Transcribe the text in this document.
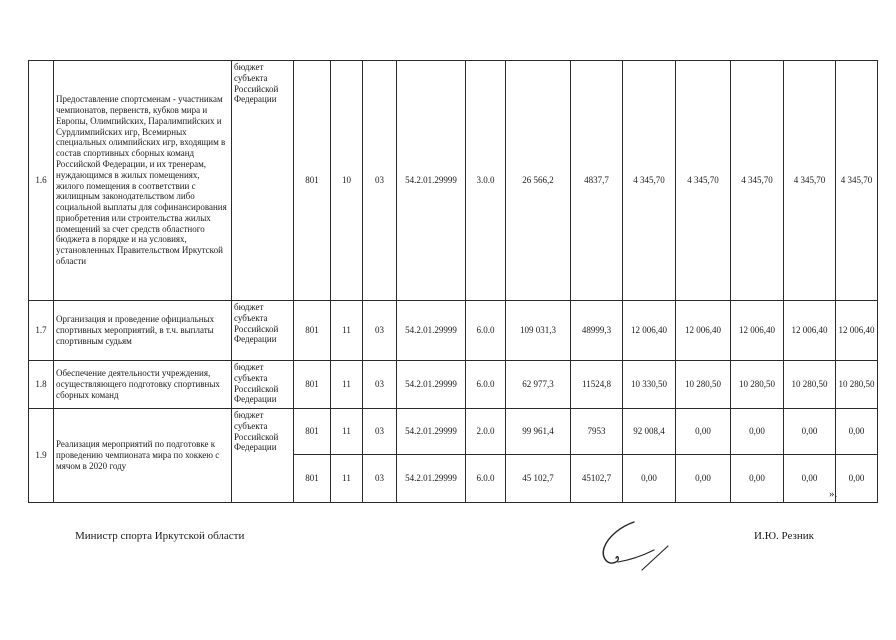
1.6	Предоставление спортсменам - участникам чемпионатов, первенств, кубков мира и Европы, Олимпийских, Паралимпийских и Сурдлимпийских игр, Всемирных специальных олимпийских игр, входящим в состав спортивных сборных команд Российской Федерации, и их тренерам, нуждающимся в жилых помещениях, жилого помещения в соответствии с жилищным законодательством либо социальной выплаты для софинансирования приобретения или строительства жилых помещений за счет средств областного бюджета в порядке и на условиях, установленных Правительством Иркутской области	бюджет субъекта Российской Федерации	801	10	03	54.2.01.29999	3.0.0	26 566,2	4837,7	4 345,70	4 345,70	4 345,70	4 345,70	4 345,70
1.7	Организация и проведение официальных спортивных мероприятий, в т.ч. выплаты спортивным судьям	бюджет субъекта Российской Федерации	801	11	03	54.2.01.29999	6.0.0	109 031,3	48999,3	12 006,40	12 006,40	12 006,40	12 006,40	12 006,40
1.8	Обеспечение деятельности учреждения, осуществляющего подготовку спортивных сборных команд	бюджет субъекта Российской Федерации	801	11	03	54.2.01.29999	6.0.0	62 977,3	11524,8	10 330,50	10 280,50	10 280,50	10 280,50	10 280,50
1.9	Реализация мероприятий по подготовке к проведению чемпионата мира по хоккею с мячом в 2020 году	бюджет субъекта Российской Федерации	801	11	03	54.2.01.29999	2.0.0	99 961,4	7953	92 008,4	0,00	0,00	0,00	0,00
			801	11	03	54.2.01.29999	6.0.0	45 102,7	45102,7	0,00	0,00	0,00	0,00	0,00
».
Министр спорта Иркутской области	И.Ю. Резник
